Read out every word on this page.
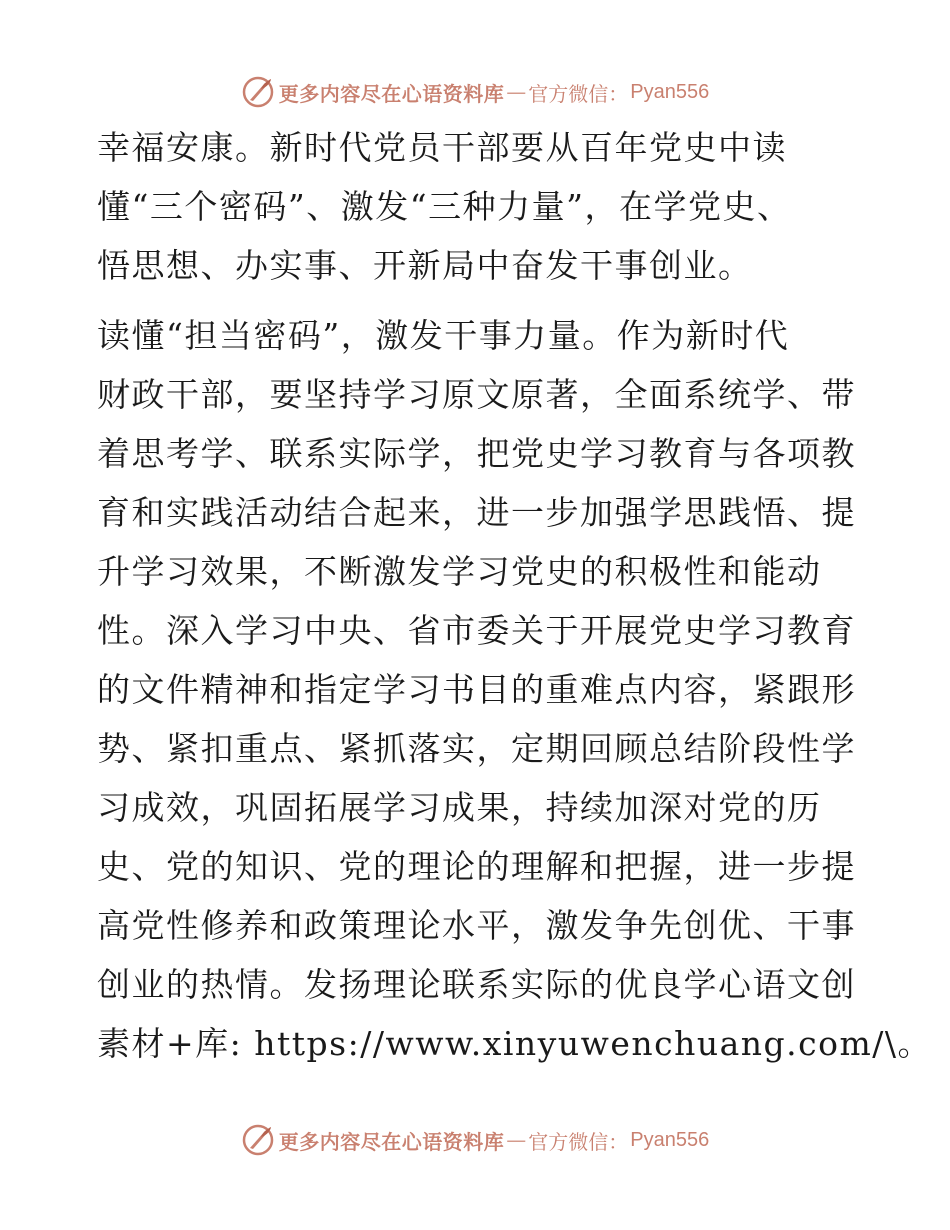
更多内容尽在心语资料库 — 官方微信： Pyan556

幸福安康。新时代党员干部要从百年党史中读
懂“三个密码”、激发“三种力量”，在学党史、
悟思想、办实事、开新局中奋发干事创业。

读懂“担当密码”，激发干事力量。作为新时代
财政干部，要坚持学习原文原著，全面系统学、带
着思考学、联系实际学，把党史学习教育与各项教
育和实践活动结合起来，进一步加强学思践悟、提
升学习效果，不断激发学习党史的积极性和能动
性。深入学习中央、省市委关于开展党史学习教育
的文件精神和指定学习书目的重难点内容，紧跟形
势、紧扣重点、紧抓落实，定期回顾总结阶段性学
习成效，巩固拓展学习成果，持续加深对党的历
史、党的知识、党的理论的理解和把握，进一步提
高党性修养和政策理论水平，激发争先创优、干事
创业的热情。发扬理论联系实际的优良学心语文创
素材+库: https://www.xinyuwenchuang.com/\。

更多内容尽在心语资料库 — 官方微信： Pyan556
